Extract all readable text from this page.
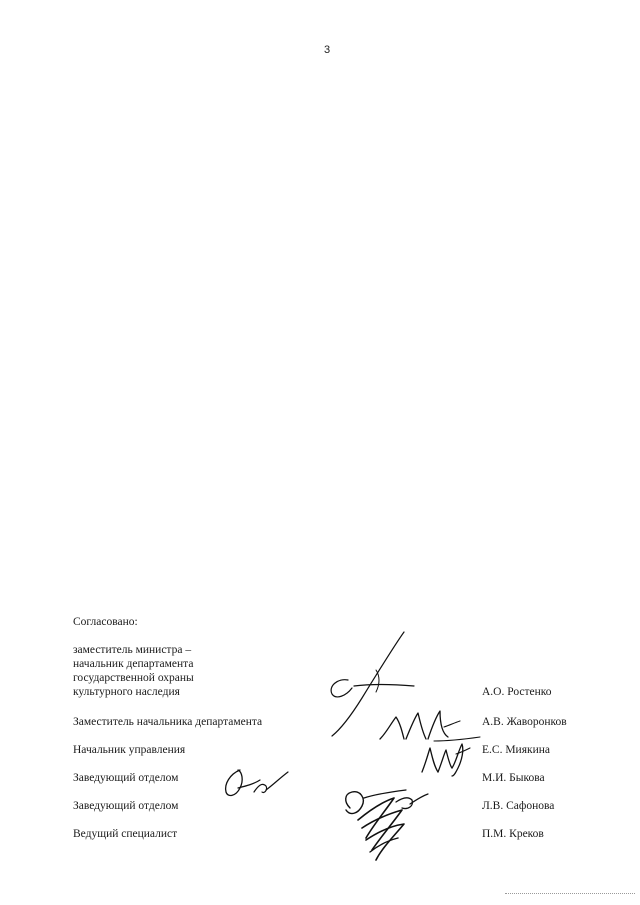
3
Согласовано:
заместитель министра –
начальник департамента
государственной охраны
культурного наследия	А.О. Ростенко
Заместитель начальника департамента	А.В. Жаворонков
Начальник управления	Е.С. Миякина
Заведующий отделом	М.И. Быкова
Заведующий отделом	Л.В. Сафонова
Ведущий специалист	П.М. Креков
